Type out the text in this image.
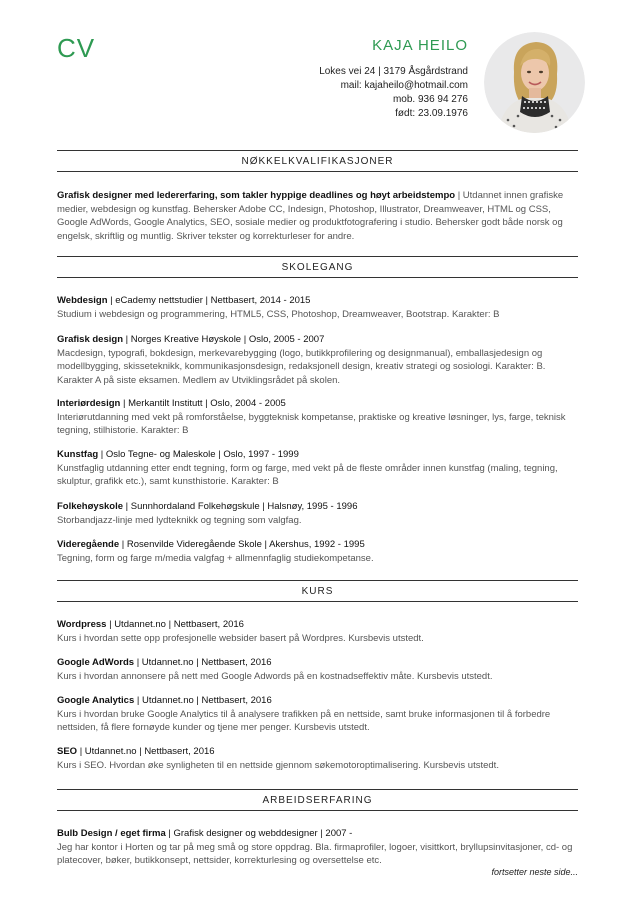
CV	KAJA HEILO
Lokes vei 24 | 3179 Åsgårdstrand
mail: kajaheilo@hotmail.com
mob. 936 94 276
født: 23.09.1976
NØKKELKVALIFIKASJONER
Grafisk designer med ledererfaring, som takler hyppige deadlines og høyt arbeidstempo | Utdannet innen grafiske medier, webdesign og kunstfag. Behersker Adobe CC, Indesign, Photoshop, Illustrator, Dreamweaver, HTML og CSS, Google AdWords, Google Analytics, SEO, sosiale medier og produktfotografering i studio. Behersker godt både norsk og engelsk, skriftlig og muntlig. Skriver tekster og korrekturleser for andre.
SKOLEGANG
Webdesign | eCademy nettstudier | Nettbasert, 2014 - 2015
Studium i webdesign og programmering, HTML5, CSS, Photoshop, Dreamweaver, Bootstrap. Karakter: B
Grafisk design | Norges Kreative Høyskole | Oslo, 2005 - 2007
Macdesign, typografi, bokdesign, merkevarebygging (logo, butikkprofilering og designmanual), emballasjedesign og modellbygging, skisseteknikk, kommunikasjonsdesign, redaksjonell design, kreativ strategi og sosiologi. Karakter: B. Karakter A på siste eksamen. Medlem av Utviklingsrådet på skolen.
Interiørdesign | Merkantilt Institutt | Oslo, 2004 - 2005
Interiørutdanning med vekt på romforståelse, byggteknisk kompetanse, praktiske og kreative løsninger, lys, farge, teknisk tegning, stilhistorie. Karakter: B
Kunstfag | Oslo Tegne- og Maleskole | Oslo, 1997 - 1999
Kunstfaglig utdanning etter endt tegning, form og farge, med vekt på de fleste områder innen kunstfag (maling, tegning, skulptur, grafikk etc.), samt kunsthistorie. Karakter: B
Folkehøyskole | Sunnhordaland Folkehøgskule | Halsnøy, 1995 - 1996
Storbandjazz-linje med lydteknikk og tegning som valgfag.
Videregående | Rosenvilde Videregående Skole | Akershus, 1992 - 1995
Tegning, form og farge m/media valgfag + allmennfaglig studiekompetanse.
KURS
Wordpress | Utdannet.no | Nettbasert, 2016
Kurs i hvordan sette opp profesjonelle websider basert på Wordpres. Kursbevis utstedt.
Google AdWords | Utdannet.no | Nettbasert, 2016
Kurs i hvordan annonsere på nett med Google Adwords på en kostnadseffektiv måte. Kursbevis utstedt.
Google Analytics | Utdannet.no | Nettbasert, 2016
Kurs i hvordan bruke Google Analytics til å analysere trafikken på en nettside, samt bruke informasjonen til å forbedre nettsiden, få flere fornøyde kunder og tjene mer penger. Kursbevis utstedt.
SEO | Utdannet.no | Nettbasert, 2016
Kurs i SEO. Hvordan øke synligheten til en nettside gjennom søkemotoroptimalisering. Kursbevis utstedt.
ARBEIDSERFARING
Bulb Design / eget firma | Grafisk designer og webddesigner | 2007 -
Jeg har kontor i Horten og tar på meg små og store oppdrag. Bla. firmaprofiler, logoer, visittkort, bryllupsinvitasjoner, cd- og platecover, bøker, butikkonsept, nettsider, korrekturlesing og oversettelse etc.
fortsetter neste side...
